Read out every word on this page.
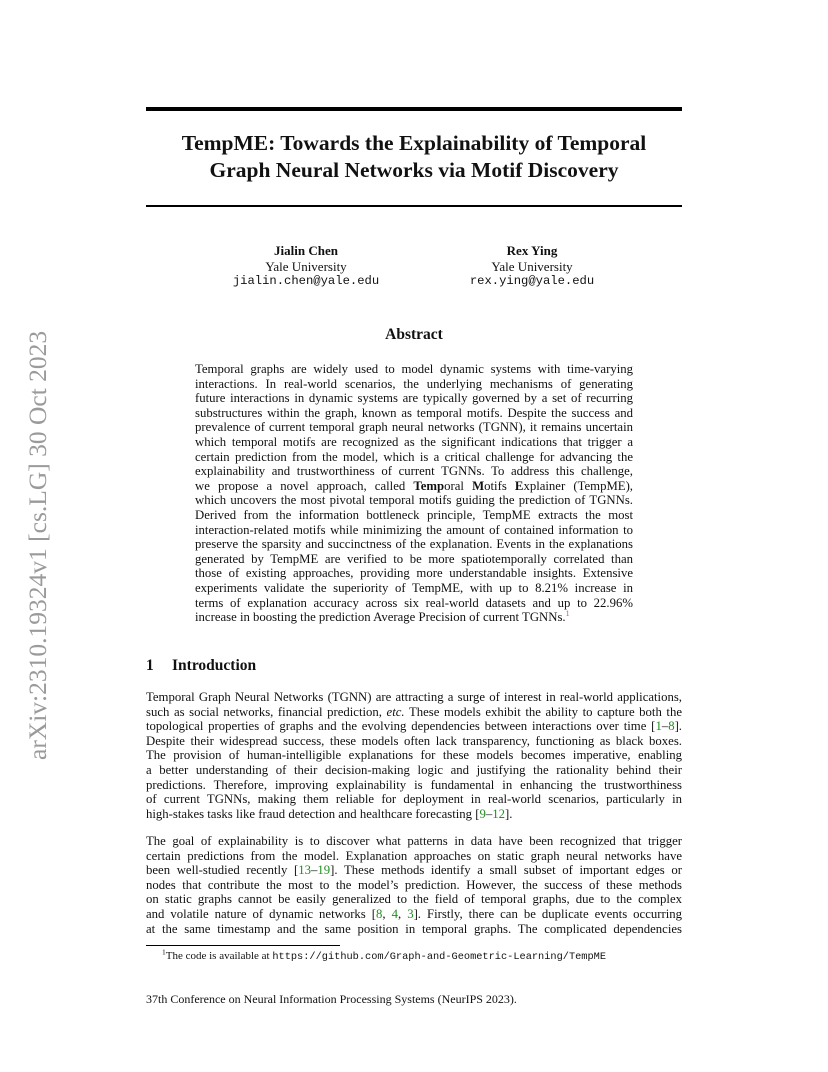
arXiv:2310.19324v1 [cs.LG] 30 Oct 2023
TempME: Towards the Explainability of Temporal
Graph Neural Networks via Motif Discovery
Jialin Chen
Yale University
jialin.chen@yale.edu
Rex Ying
Yale University
rex.ying@yale.edu
Abstract
Temporal graphs are widely used to model dynamic systems with time-varying
interactions. In real-world scenarios, the underlying mechanisms of generating
future interactions in dynamic systems are typically governed by a set of recurring
substructures within the graph, known as temporal motifs. Despite the success and
prevalence of current temporal graph neural networks (TGNN), it remains uncertain
which temporal motifs are recognized as the significant indications that trigger a
certain prediction from the model, which is a critical challenge for advancing the
explainability and trustworthiness of current TGNNs. To address this challenge,
we propose a novel approach, called Temporal Motifs Explainer (TempME),
which uncovers the most pivotal temporal motifs guiding the prediction of TGNNs.
Derived from the information bottleneck principle, TempME extracts the most
interaction-related motifs while minimizing the amount of contained information to
preserve the sparsity and succinctness of the explanation. Events in the explanations
generated by TempME are verified to be more spatiotemporally correlated than
those of existing approaches, providing more understandable insights. Extensive
experiments validate the superiority of TempME, with up to 8.21% increase in
terms of explanation accuracy across six real-world datasets and up to 22.96%
increase in boosting the prediction Average Precision of current TGNNs.$^1$
1 Introduction
Temporal Graph Neural Networks (TGNN) are attracting a surge of interest in real-world applications,
such as social networks, financial prediction, etc. These models exhibit the ability to capture both the
topological properties of graphs and the evolving dependencies between interactions over time [1–8].
Despite their widespread success, these models often lack transparency, functioning as black boxes.
The provision of human-intelligible explanations for these models becomes imperative, enabling
a better understanding of their decision-making logic and justifying the rationality behind their
predictions. Therefore, improving explainability is fundamental in enhancing the trustworthiness
of current TGNNs, making them reliable for deployment in real-world scenarios, particularly in
high-stakes tasks like fraud detection and healthcare forecasting [9–12].
The goal of explainability is to discover what patterns in data have been recognized that trigger
certain predictions from the model. Explanation approaches on static graph neural networks have
been well-studied recently [13–19]. These methods identify a small subset of important edges or
nodes that contribute the most to the model’s prediction. However, the success of these methods
on static graphs cannot be easily generalized to the field of temporal graphs, due to the complex
and volatile nature of dynamic networks [8, 4, 3]. Firstly, there can be duplicate events occurring
at the same timestamp and the same position in temporal graphs. The complicated dependencies
$^1$The code is available at https://github.com/Graph-and-Geometric-Learning/TempME
37th Conference on Neural Information Processing Systems (NeurIPS 2023).
